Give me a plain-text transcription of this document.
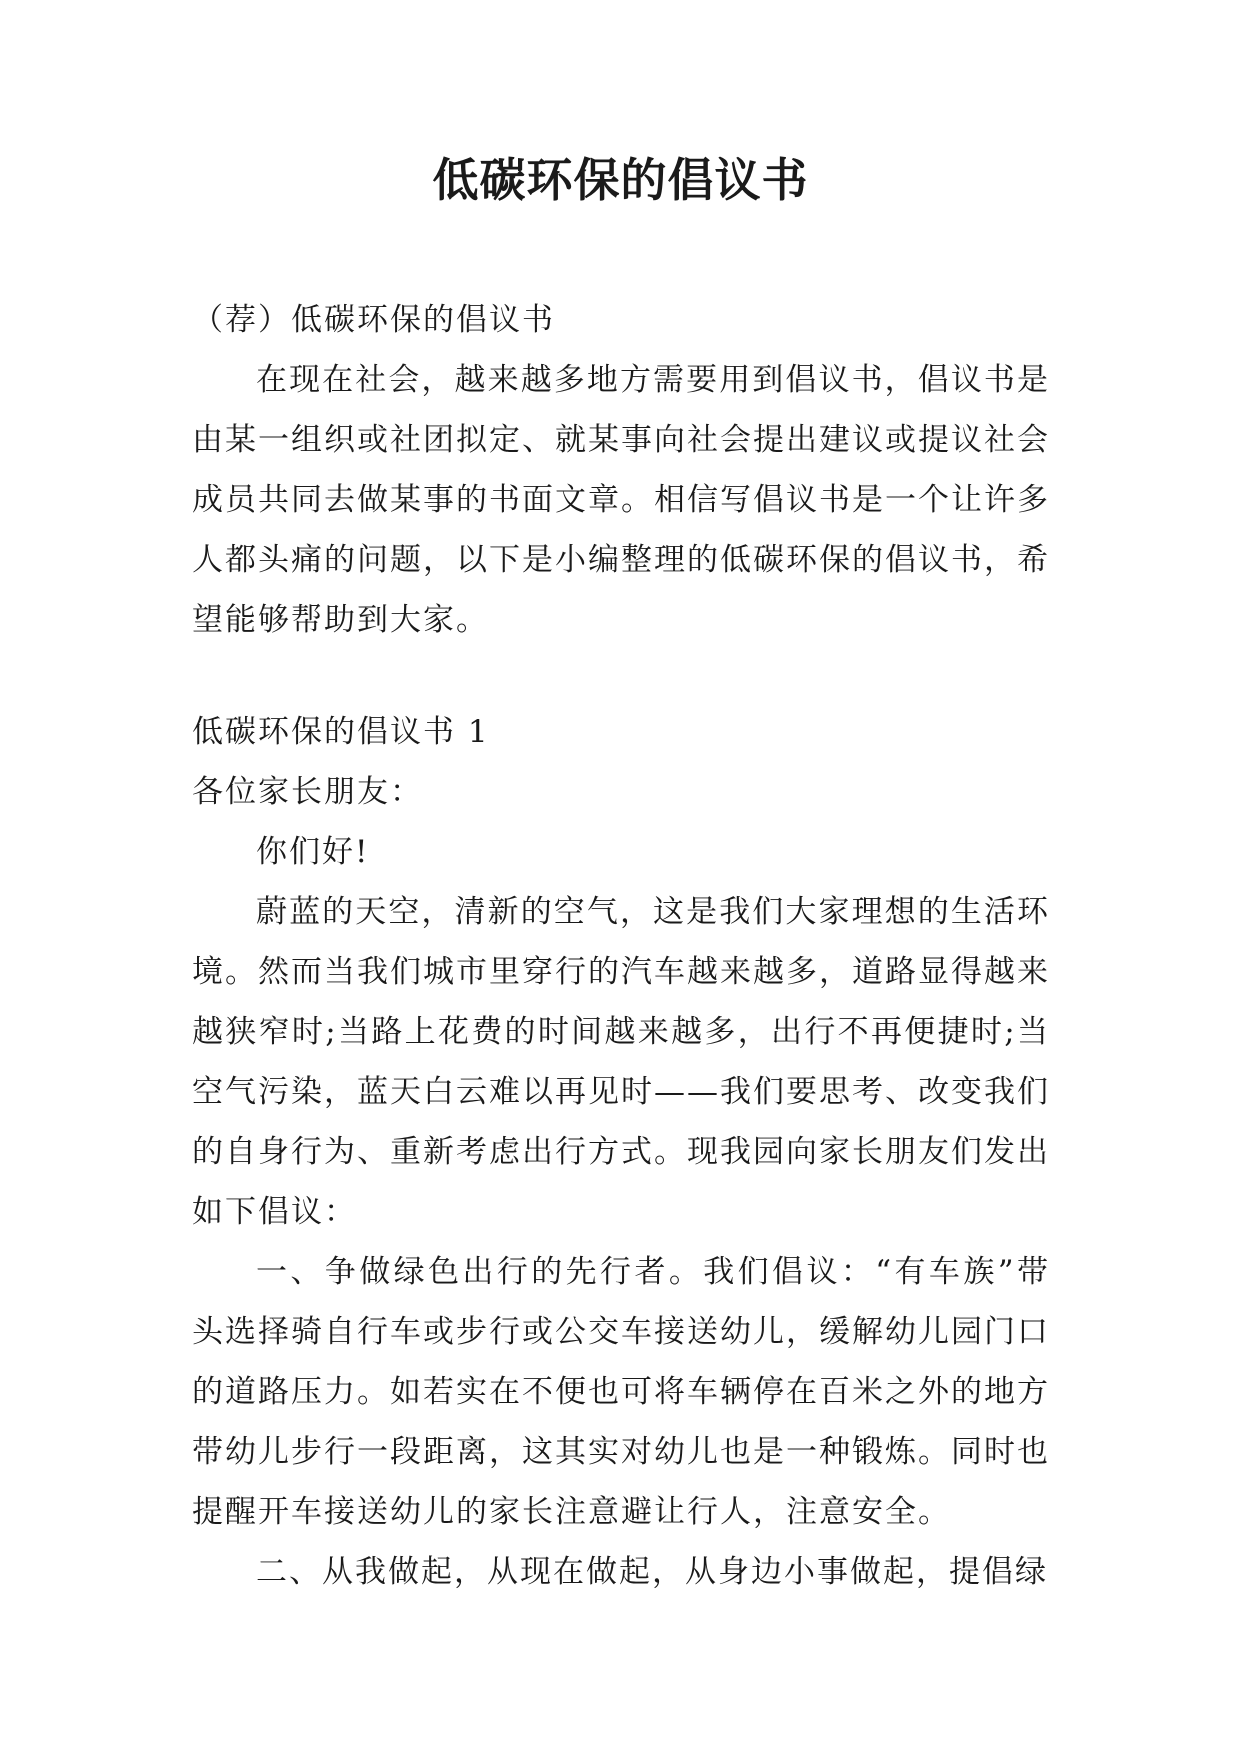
低碳环保的倡议书

（荐）低碳环保的倡议书

在现在社会，越来越多地方需要用到倡议书，倡议书是由某一组织或社团拟定、就某事向社会提出建议或提议社会成员共同去做某事的书面文章。相信写倡议书是一个让许多人都头痛的问题，以下是小编整理的低碳环保的倡议书，希望能够帮助到大家。

低碳环保的倡议书 1

各位家长朋友：

你们好!

蔚蓝的天空，清新的空气，这是我们大家理想的生活环境。然而当我们城市里穿行的汽车越来越多，道路显得越来越狭窄时;当路上花费的时间越来越多，出行不再便捷时;当空气污染，蓝天白云难以再见时——我们要思考、改变我们的自身行为、重新考虑出行方式。现我园向家长朋友们发出如下倡议：

一、争做绿色出行的先行者。我们倡议：“有车族”带头选择骑自行车或步行或公交车接送幼儿，缓解幼儿园门口的道路压力。如若实在不便也可将车辆停在百米之外的地方带幼儿步行一段距离，这其实对幼儿也是一种锻炼。同时也提醒开车接送幼儿的家长注意避让行人，注意安全。

二、从我做起，从现在做起，从身边小事做起，提倡绿
